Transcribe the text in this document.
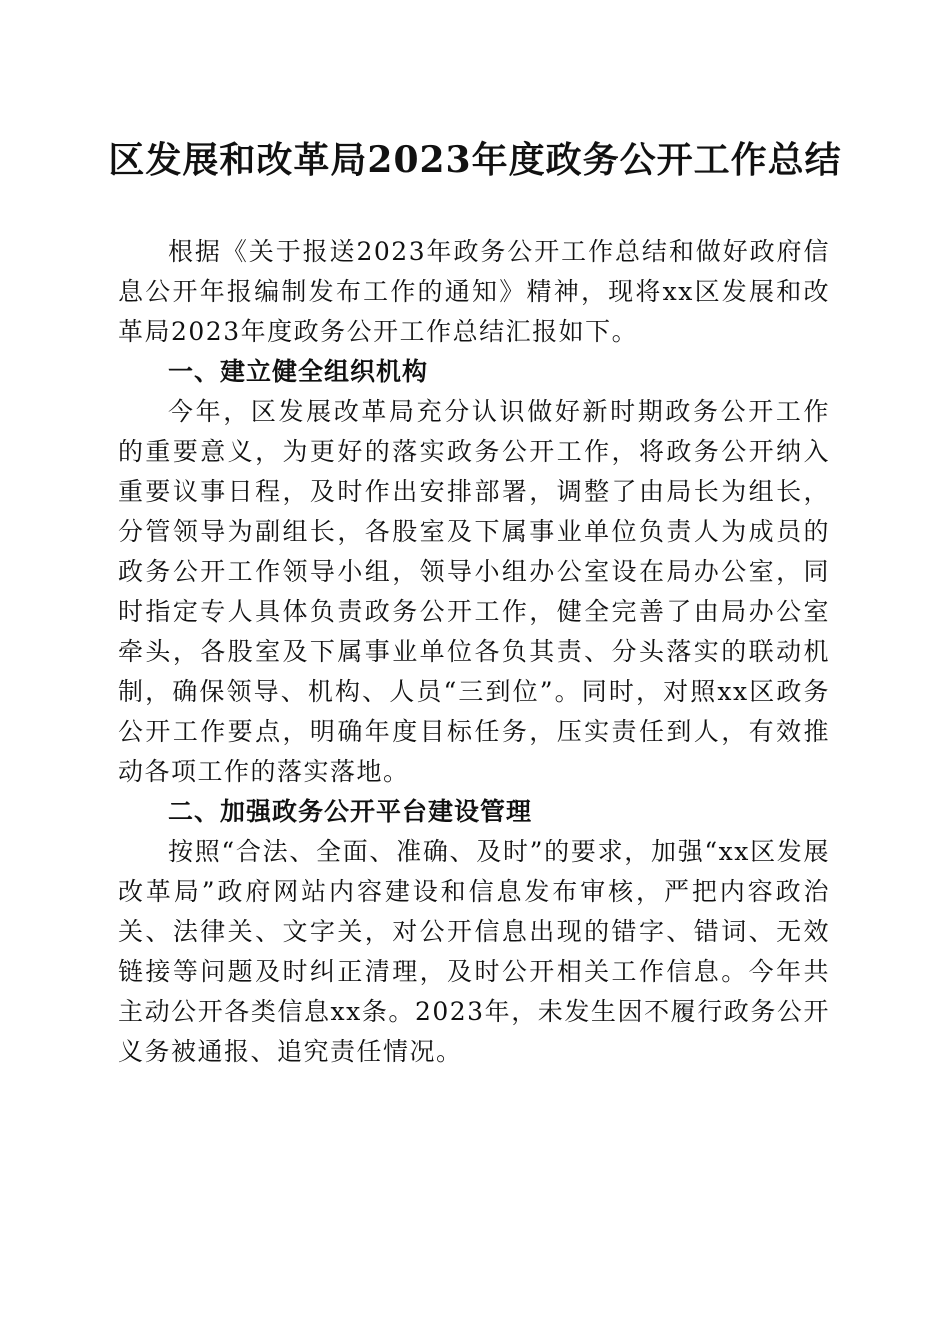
区发展和改革局2023年度政务公开工作总结

根据《关于报送2023年政务公开工作总结和做好政府信息公开年报编制发布工作的通知》精神，现将xx区发展和改革局2023年度政务公开工作总结汇报如下。

一、建立健全组织机构

今年，区发展改革局充分认识做好新时期政务公开工作的重要意义，为更好的落实政务公开工作，将政务公开纳入重要议事日程，及时作出安排部署，调整了由局长为组长，分管领导为副组长，各股室及下属事业单位负责人为成员的政务公开工作领导小组，领导小组办公室设在局办公室，同时指定专人具体负责政务公开工作，健全完善了由局办公室牵头，各股室及下属事业单位各负其责、分头落实的联动机制，确保领导、机构、人员“三到位”。同时，对照xx区政务公开工作要点，明确年度目标任务，压实责任到人，有效推动各项工作的落实落地。

二、加强政务公开平台建设管理

按照“合法、全面、准确、及时”的要求，加强“xx区发展改革局”政府网站内容建设和信息发布审核，严把内容政治关、法律关、文字关，对公开信息出现的错字、错词、无效链接等问题及时纠正清理，及时公开相关工作信息。今年共主动公开各类信息xx条。2023年，未发生因不履行政务公开义务被通报、追究责任情况。
